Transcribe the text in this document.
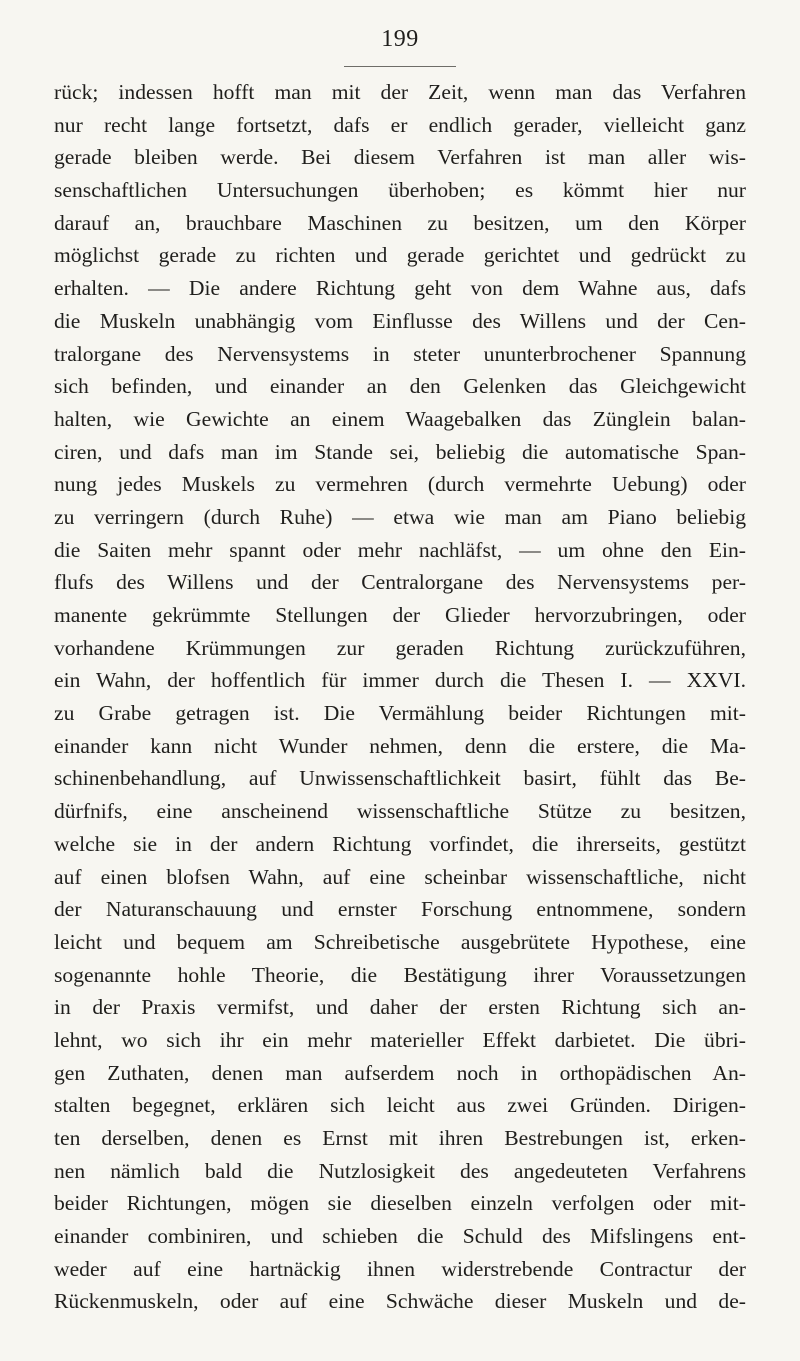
199
rück; indessen hofft man mit der Zeit, wenn man das Verfahren
nur recht lange fortsetzt, dafs er endlich gerader, vielleicht ganz
gerade bleiben werde. Bei diesem Verfahren ist man aller wis-
senschaftlichen Untersuchungen überhoben; es kömmt hier nur
darauf an, brauchbare Maschinen zu besitzen, um den Körper
möglichst gerade zu richten und gerade gerichtet und gedrückt zu
erhalten. — Die andere Richtung geht von dem Wahne aus, dafs
die Muskeln unabhängig vom Einflusse des Willens und der Cen-
tralorgane des Nervensystems in steter ununterbrochener Spannung
sich befinden, und einander an den Gelenken das Gleichgewicht
halten, wie Gewichte an einem Waagebalken das Zünglein balan-
ciren, und dafs man im Stande sei, beliebig die automatische Span-
nung jedes Muskels zu vermehren (durch vermehrte Uebung) oder
zu verringern (durch Ruhe) — etwa wie man am Piano beliebig
die Saiten mehr spannt oder mehr nachläfst, — um ohne den Ein-
flufs des Willens und der Centralorgane des Nervensystems per-
manente gekrümmte Stellungen der Glieder hervorzubringen, oder
vorhandene Krümmungen zur geraden Richtung zurückzuführen,
ein Wahn, der hoffentlich für immer durch die Thesen I. — XXVI.
zu Grabe getragen ist. Die Vermählung beider Richtungen mit-
einander kann nicht Wunder nehmen, denn die erstere, die Ma-
schinenbehandlung, auf Unwissenschaftlichkeit basirt, fühlt das Be-
dürfnifs, eine anscheinend wissenschaftliche Stütze zu besitzen,
welche sie in der andern Richtung vorfindet, die ihrerseits, gestützt
auf einen blofsen Wahn, auf eine scheinbar wissenschaftliche, nicht
der Naturanschauung und ernster Forschung entnommene, sondern
leicht und bequem am Schreibetische ausgebrütete Hypothese, eine
sogenannte hohle Theorie, die Bestätigung ihrer Voraussetzungen
in der Praxis vermifst, und daher der ersten Richtung sich an-
lehnt, wo sich ihr ein mehr materieller Effekt darbietet. Die übri-
gen Zuthaten, denen man aufserdem noch in orthopädischen An-
stalten begegnet, erklären sich leicht aus zwei Gründen. Dirigen-
ten derselben, denen es Ernst mit ihren Bestrebungen ist, erken-
nen nämlich bald die Nutzlosigkeit des angedeuteten Verfahrens
beider Richtungen, mögen sie dieselben einzeln verfolgen oder mit-
einander combiniren, und schieben die Schuld des Mifslingens ent-
weder auf eine hartnäckig ihnen widerstrebende Contractur der
Rückenmuskeln, oder auf eine Schwäche dieser Muskeln und de-
